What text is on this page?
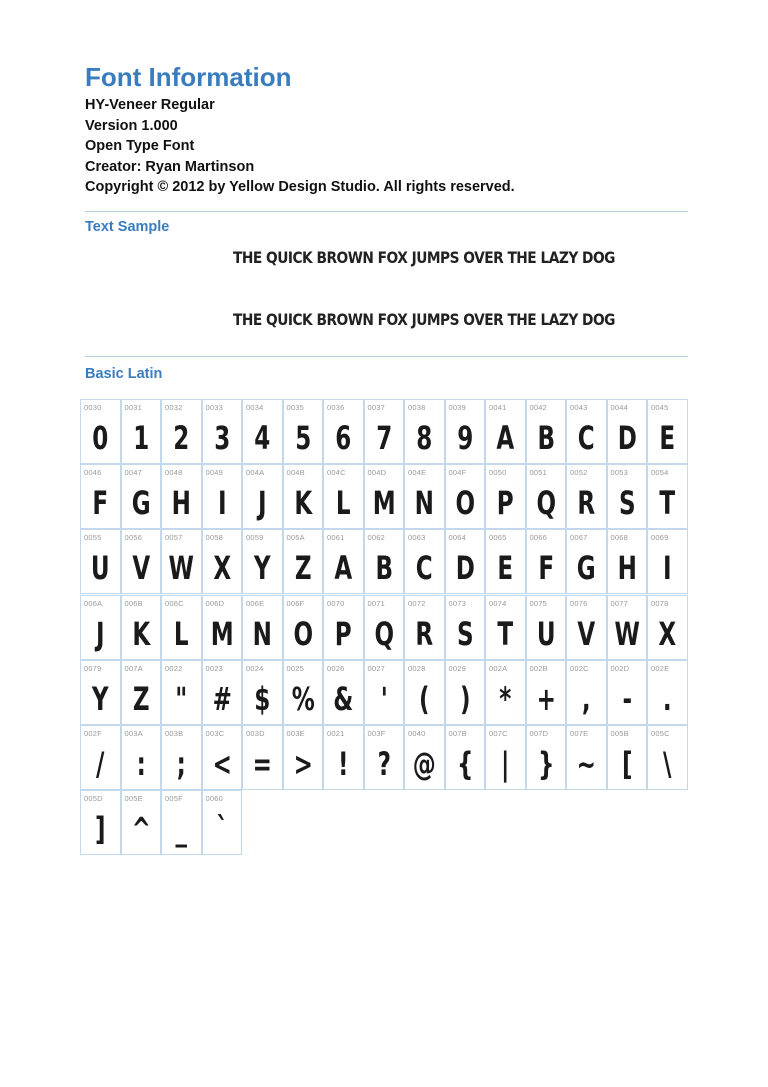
Font Information
HY-Veneer Regular
Version 1.000
Open Type Font
Creator: Ryan Martinson
Copyright © 2012 by Yellow Design Studio. All rights reserved.
Text Sample
THE QUICK BROWN FOX JUMPS OVER THE LAZY DOG
THE QUICK BROWN FOX JUMPS OVER THE LAZY DOG
Basic Latin
0030
0
0031
1
0032
2
0033
3
0034
4
0035
5
0036
6
0037
7
0038
8
0039
9
0041
A
0042
B
0043
C
0044
D
0045
E
0046
F
0047
G
0048
H
0049
I
004A
J
004B
K
004C
L
004D
M
004E
N
004F
O
0050
P
0051
Q
0052
R
0053
S
0054
T
0055
U
0056
V
0057
W
0058
X
0059
Y
005A
Z
0061
A
0062
B
0063
C
0064
D
0065
E
0066
F
0067
G
0068
H
0069
I
006A
J
006B
K
006C
L
006D
M
006E
N
006F
O
0070
P
0071
Q
0072
R
0073
S
0074
T
0075
U
0076
V
0077
W
0078
X
0079
Y
007A
Z
0022
"
0023
#
0024
$
0025
%
0026
&
0027
'
0028
(
0029
)
002A
*
002B
+
002C
,
002D
-
002E
.
002F
/
003A
:
003B
;
003C
<
003D
=
003E
>
0021
!
003F
?
0040
@
007B
{
007C
|
007D
}
007E
~
005B
[
005C
\
005D
]
005E
^
005F
_
0060
`
